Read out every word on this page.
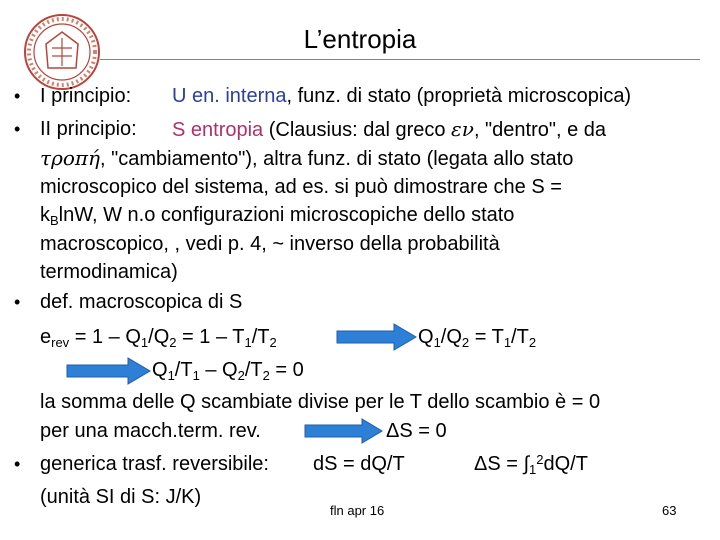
L’entropia
• I principio: U en. interna, funz. di stato (proprietà microscopica)
• II principio: S entropia (Clausius: dal greco εν, "dentro", e da
τροπή, "cambiamento"), altra funz. di stato (legata allo stato
microscopico del sistema, ad es. si può dimostrare che S =
$k_B\ln W$, W n.o configurazioni microscopiche dello stato
macroscopico, , vedi p. 4, ~ inverso della probabilità
termodinamica)
• def. macroscopica di S
$e_{rev} = 1 - Q_1/Q_2 = 1 - T_1/T_2$	$Q_1/Q_2 = T_1/T_2$
$Q_1/T_1 - Q_2/T_2 = 0$
la somma delle Q scambiate divise per le T dello scambio è = 0
per una macch.term. rev.	ΔS = 0
• generica trasf. reversibile: dS = dQ/T	$\Delta S = \int_1^2dQ/T$
(unità SI di S: J/K)
fln apr 16	63
